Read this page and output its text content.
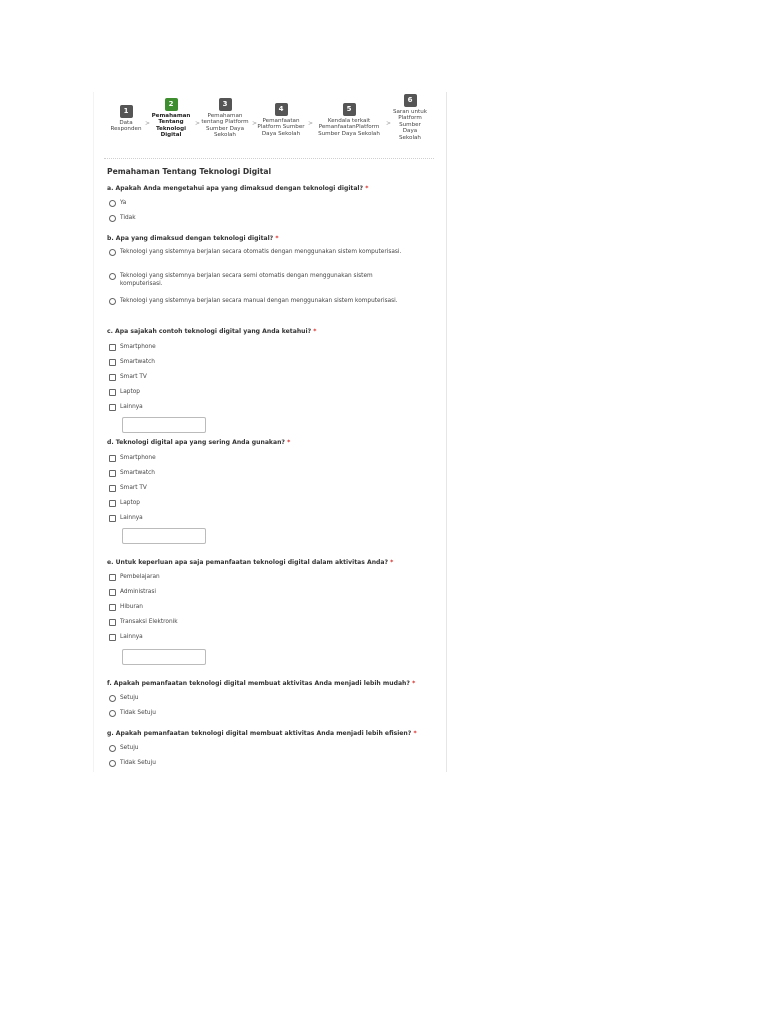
1
Data Responden
>
2
Pemahaman Tentang Teknologi Digital
>
3
Pemahaman tentang Platform Sumber Daya Sekolah
>
4
Pemanfaatan Platform Sumber Daya Sekolah
>
5
Kendala terkait PemanfaatanPlatform Sumber Daya Sekolah
>
6
Saran untuk Platform Sumber Daya Sekolah
Pemahaman Tentang Teknologi Digital
a. Apakah Anda mengetahui apa yang dimaksud dengan teknologi digital? *
Ya
Tidak
b. Apa yang dimaksud dengan teknologi digital? *
Teknologi yang sistemnya berjalan secara otomatis dengan menggunakan sistem komputerisasi.
Teknologi yang sistemnya berjalan secara semi otomatis dengan menggunakan sistem komputerisasi.
Teknologi yang sistemnya berjalan secara manual dengan menggunakan sistem komputerisasi.
c. Apa sajakah contoh teknologi digital yang Anda ketahui? *
Smartphone
Smartwatch
Smart TV
Laptop
Lainnya
d. Teknologi digital apa yang sering Anda gunakan? *
Smartphone
Smartwatch
Smart TV
Laptop
Lainnya
e. Untuk keperluan apa saja pemanfaatan teknologi digital dalam aktivitas Anda? *
Pembelajaran
Administrasi
Hiburan
Transaksi Elektronik
Lainnya
f. Apakah pemanfaatan teknologi digital membuat aktivitas Anda menjadi lebih mudah? *
Setuju
Tidak Setuju
g. Apakah pemanfaatan teknologi digital membuat aktivitas Anda menjadi lebih efisien? *
Setuju
Tidak Setuju
